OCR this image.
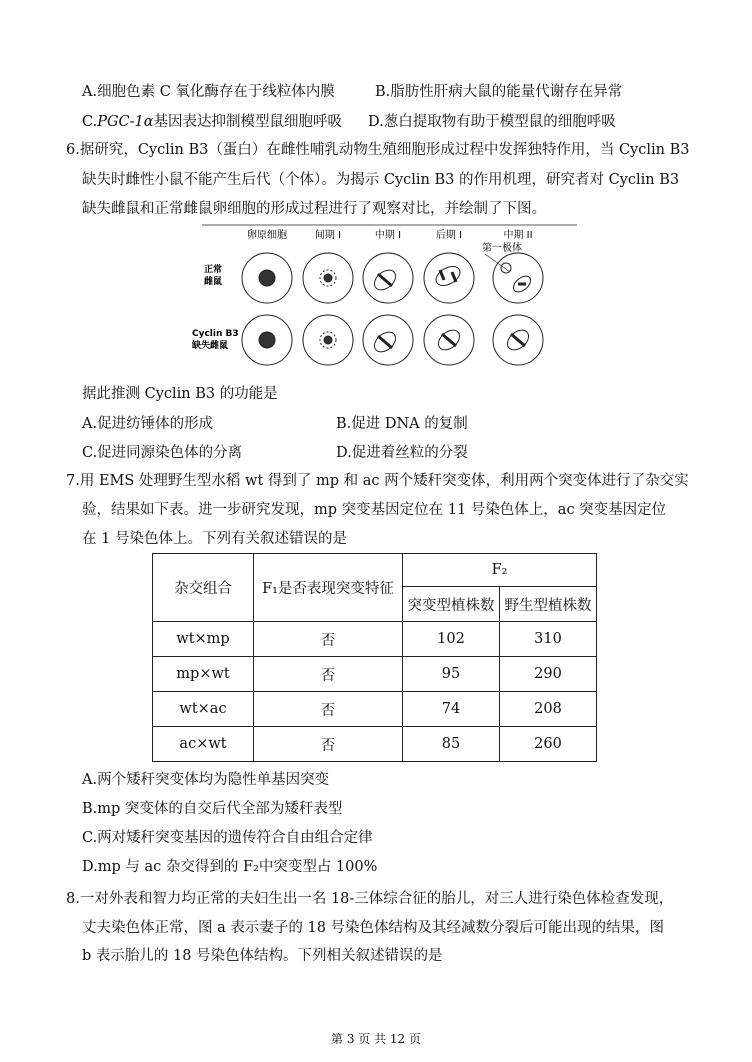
A.细胞色素 C 氧化酶存在于线粒体内膜	B.脂肪性肝病大鼠的能量代谢存在异常
C.PGC-1α基因表达抑制模型鼠细胞呼吸 D.葱白提取物有助于模型鼠的细胞呼吸
6.据研究，Cyclin B3（蛋白）在雌性哺乳动物生殖细胞形成过程中发挥独特作用，当 Cyclin B3
缺失时雌性小鼠不能产生后代（个体）。为揭示 Cyclin B3 的作用机理，研究者对 Cyclin B3
缺失雌鼠和正常雌鼠卵细胞的形成过程进行了观察对比，并绘制了下图。
卵原细胞	间期 I	中期 I	后期 I	中期 II
第一极体
正常
雌鼠
Cyclin B3
缺失雌鼠
据此推测 Cyclin B3 的功能是
A.促进纺锤体的形成	B.促进 DNA 的复制
C.促进同源染色体的分离	D.促进着丝粒的分裂
7.用 EMS 处理野生型水稻 wt 得到了 mp 和 ac 两个矮秆突变体，利用两个突变体进行了杂交实
验，结果如下表。进一步研究发现，mp 突变基因定位在 11 号染色体上，ac 突变基因定位
在 1 号染色体上。下列有关叙述错误的是
杂交组合	F₁是否表现突变特征	F₂	
		突变型植株数	野生型植株数
wt×mp	否	102	310
mp×wt	否	95	290
wt×ac	否	74	208
ac×wt	否	85	260
A.两个矮秆突变体均为隐性单基因突变
B.mp 突变体的自交后代全部为矮秆表型
C.两对矮秆突变基因的遗传符合自由组合定律
D.mp 与 ac 杂交得到的 F₂中突变型占 100%
8.一对外表和智力均正常的夫妇生出一名 18-三体综合征的胎儿，对三人进行染色体检查发现，
丈夫染色体正常，图 a 表示妻子的 18 号染色体结构及其经减数分裂后可能出现的结果，图
b 表示胎儿的 18 号染色体结构。下列相关叙述错误的是
第 3 页 共 12 页
